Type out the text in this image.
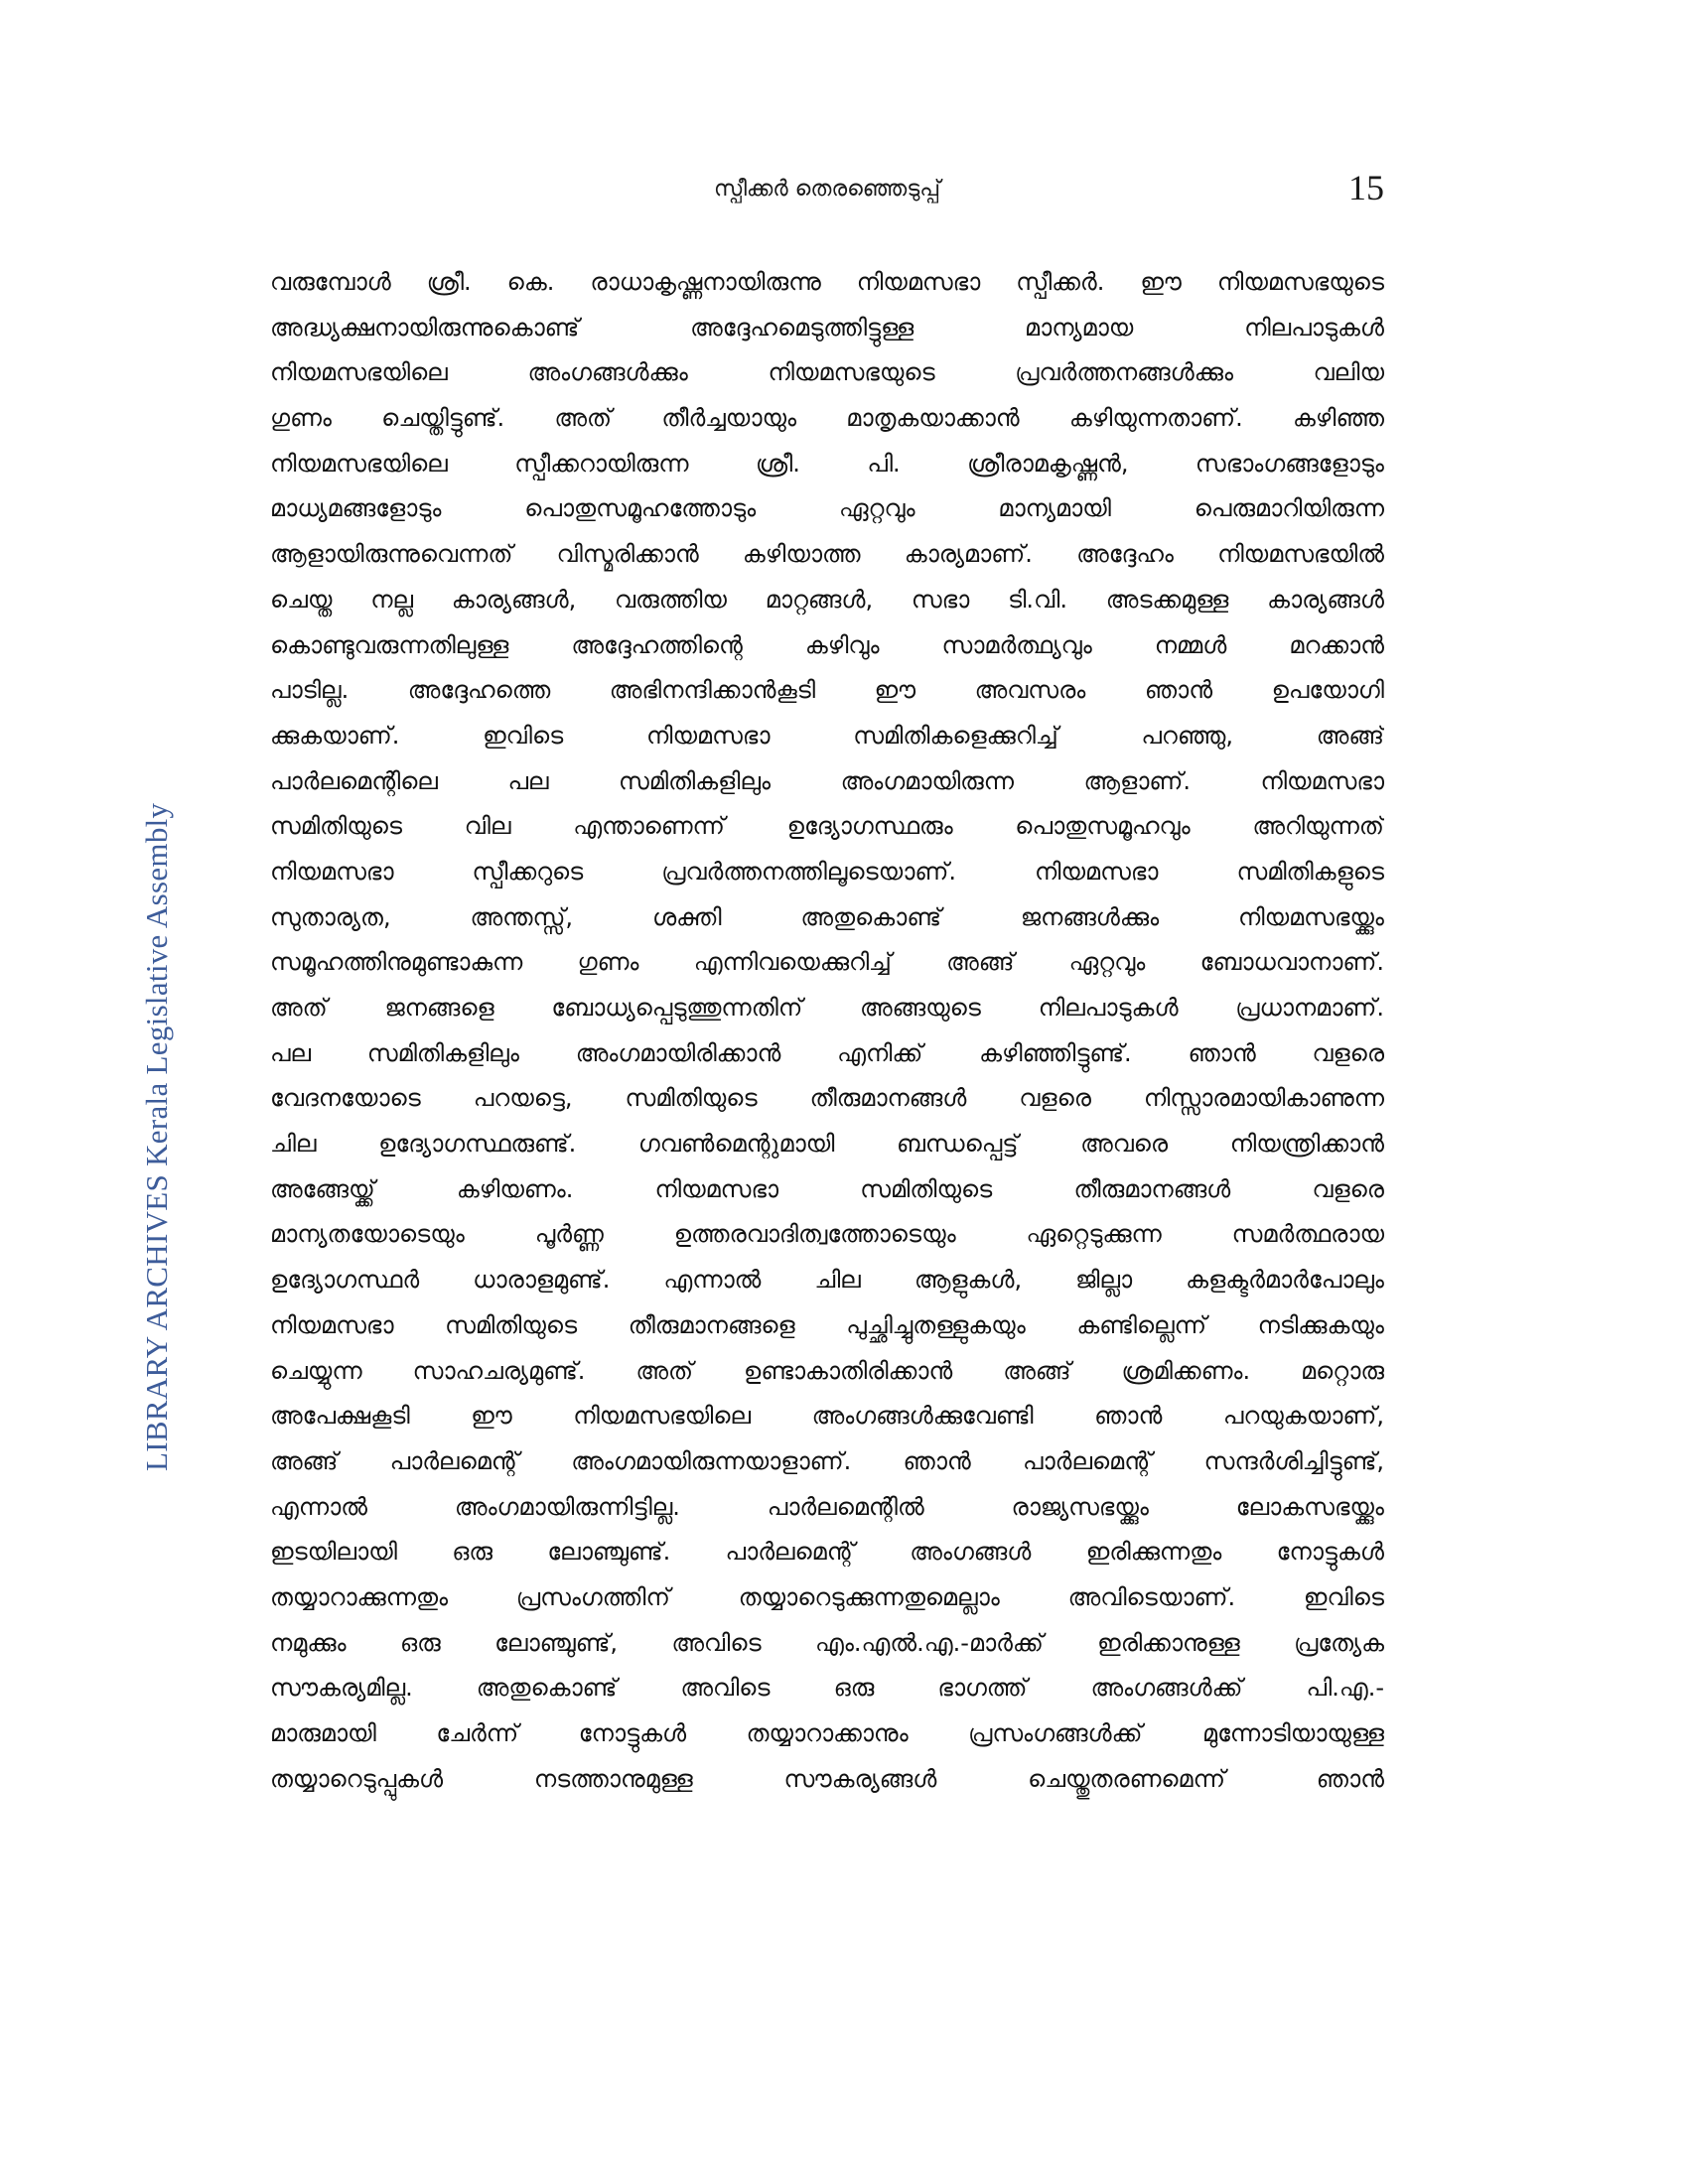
സ്പീക്കർ തെരഞ്ഞെടുപ്പ്	15
LIBRARY ARCHIVES Kerala Legislative Assembly
വരുമ്പോൾ ശ്രീ. കെ. രാധാകൃഷ്ണനായിരുന്നു നിയമസഭാ സ്പീക്കർ. ഈ നിയമസഭയുടെ
അദ്ധ്യക്ഷനായിരുന്നുകൊണ്ട് അദ്ദേഹമെടുത്തിട്ടുള്ള മാന്യമായ നിലപാടുകൾ
നിയമസഭയിലെ അംഗങ്ങൾക്കും നിയമസഭയുടെ പ്രവർത്തനങ്ങൾക്കും വലിയ
ഗുണം ചെയ്തിട്ടുണ്ട്. അത് തീർച്ചയായും മാതൃകയാക്കാൻ കഴിയുന്നതാണ്. കഴിഞ്ഞ
നിയമസഭയിലെ സ്പീക്കറായിരുന്ന ശ്രീ. പി. ശ്രീരാമകൃഷ്ണൻ, സഭാംഗങ്ങളോടും
മാധ്യമങ്ങളോടും പൊതുസമൂഹത്തോടും ഏറ്റവും മാന്യമായി പെരുമാറിയിരുന്ന
ആളായിരുന്നുവെന്നത് വിസ്മരിക്കാൻ കഴിയാത്ത കാര്യമാണ്. അദ്ദേഹം നിയമസഭയിൽ
ചെയ്ത നല്ല കാര്യങ്ങൾ, വരുത്തിയ മാറ്റങ്ങൾ, സഭാ ടി.വി. അടക്കമുള്ള കാര്യങ്ങൾ
കൊണ്ടുവരുന്നതിലുള്ള അദ്ദേഹത്തിന്റെ കഴിവും സാമർത്ഥ്യവും നമ്മൾ മറക്കാൻ
പാടില്ല. അദ്ദേഹത്തെ അഭിനന്ദിക്കാൻകൂടി ഈ അവസരം ഞാൻ ഉപയോഗി
ക്കുകയാണ്. ഇവിടെ നിയമസഭാ സമിതികളെക്കുറിച്ച് പറഞ്ഞു, അങ്ങ്
പാർലമെന്റിലെ പല സമിതികളിലും അംഗമായിരുന്ന ആളാണ്. നിയമസഭാ
സമിതിയുടെ വില എന്താണെന്ന് ഉദ്യോഗസ്ഥരും പൊതുസമൂഹവും അറിയുന്നത്
നിയമസഭാ സ്പീക്കറുടെ പ്രവർത്തനത്തിലൂടെയാണ്. നിയമസഭാ സമിതികളുടെ
സുതാര്യത, അന്തസ്സ്, ശക്തി അതുകൊണ്ട് ജനങ്ങൾക്കും നിയമസഭയ്ക്കും
സമൂഹത്തിനുമുണ്ടാകുന്ന ഗുണം എന്നിവയെക്കുറിച്ച് അങ്ങ് ഏറ്റവും ബോധവാനാണ്.
അത് ജനങ്ങളെ ബോധ്യപ്പെടുത്തുന്നതിന് അങ്ങയുടെ നിലപാടുകൾ പ്രധാനമാണ്.
പല സമിതികളിലും അംഗമായിരിക്കാൻ എനിക്ക് കഴിഞ്ഞിട്ടുണ്ട്. ഞാൻ വളരെ
വേദനയോടെ പറയട്ടെ, സമിതിയുടെ തീരുമാനങ്ങൾ വളരെ നിസ്സാരമായികാണുന്ന
ചില ഉദ്യോഗസ്ഥരുണ്ട്. ഗവൺമെന്റുമായി ബന്ധപ്പെട്ട് അവരെ നിയന്ത്രിക്കാൻ
അങ്ങേയ്ക്ക് കഴിയണം. നിയമസഭാ സമിതിയുടെ തീരുമാനങ്ങൾ വളരെ
മാന്യതയോടെയും പൂർണ്ണ ഉത്തരവാദിത്വത്തോടെയും ഏറ്റെടുക്കുന്ന സമർത്ഥരായ
ഉദ്യോഗസ്ഥർ ധാരാളമുണ്ട്. എന്നാൽ ചില ആളുകൾ, ജില്ലാ കളക്ടർമാർപോലും
നിയമസഭാ സമിതിയുടെ തീരുമാനങ്ങളെ പുച്ഛിച്ചുതള്ളുകയും കണ്ടില്ലെന്ന് നടിക്കുകയും
ചെയ്യുന്ന സാഹചര്യമുണ്ട്. അത് ഉണ്ടാകാതിരിക്കാൻ അങ്ങ് ശ്രമിക്കണം. മറ്റൊരു
അപേക്ഷകൂടി ഈ നിയമസഭയിലെ അംഗങ്ങൾക്കുവേണ്ടി ഞാൻ പറയുകയാണ്,
അങ്ങ് പാർലമെന്റ് അംഗമായിരുന്നയാളാണ്. ഞാൻ പാർലമെന്റ് സന്ദർശിച്ചിട്ടുണ്ട്,
എന്നാൽ അംഗമായിരുന്നിട്ടില്ല. പാർലമെന്റിൽ രാജ്യസഭയ്ക്കും ലോകസഭയ്ക്കും
ഇടയിലായി ഒരു ലോഞ്ചുണ്ട്. പാർലമെന്റ് അംഗങ്ങൾ ഇരിക്കുന്നതും നോട്ടുകൾ
തയ്യാറാക്കുന്നതും പ്രസംഗത്തിന് തയ്യാറെടുക്കുന്നതുമെല്ലാം അവിടെയാണ്. ഇവിടെ
നമുക്കും ഒരു ലോഞ്ചുണ്ട്, അവിടെ എം.എൽ.എ.-മാർക്ക് ഇരിക്കാനുള്ള പ്രത്യേക
സൗകര്യമില്ല. അതുകൊണ്ട് അവിടെ ഒരു ഭാഗത്ത് അംഗങ്ങൾക്ക് പി.എ.-
മാരുമായി ചേർന്ന് നോട്ടുകൾ തയ്യാറാക്കാനും പ്രസംഗങ്ങൾക്ക് മുന്നോടിയായുള്ള
തയ്യാറെടുപ്പുകൾ നടത്താനുമുള്ള സൗകര്യങ്ങൾ ചെയ്തുതരണമെന്ന് ഞാൻ
